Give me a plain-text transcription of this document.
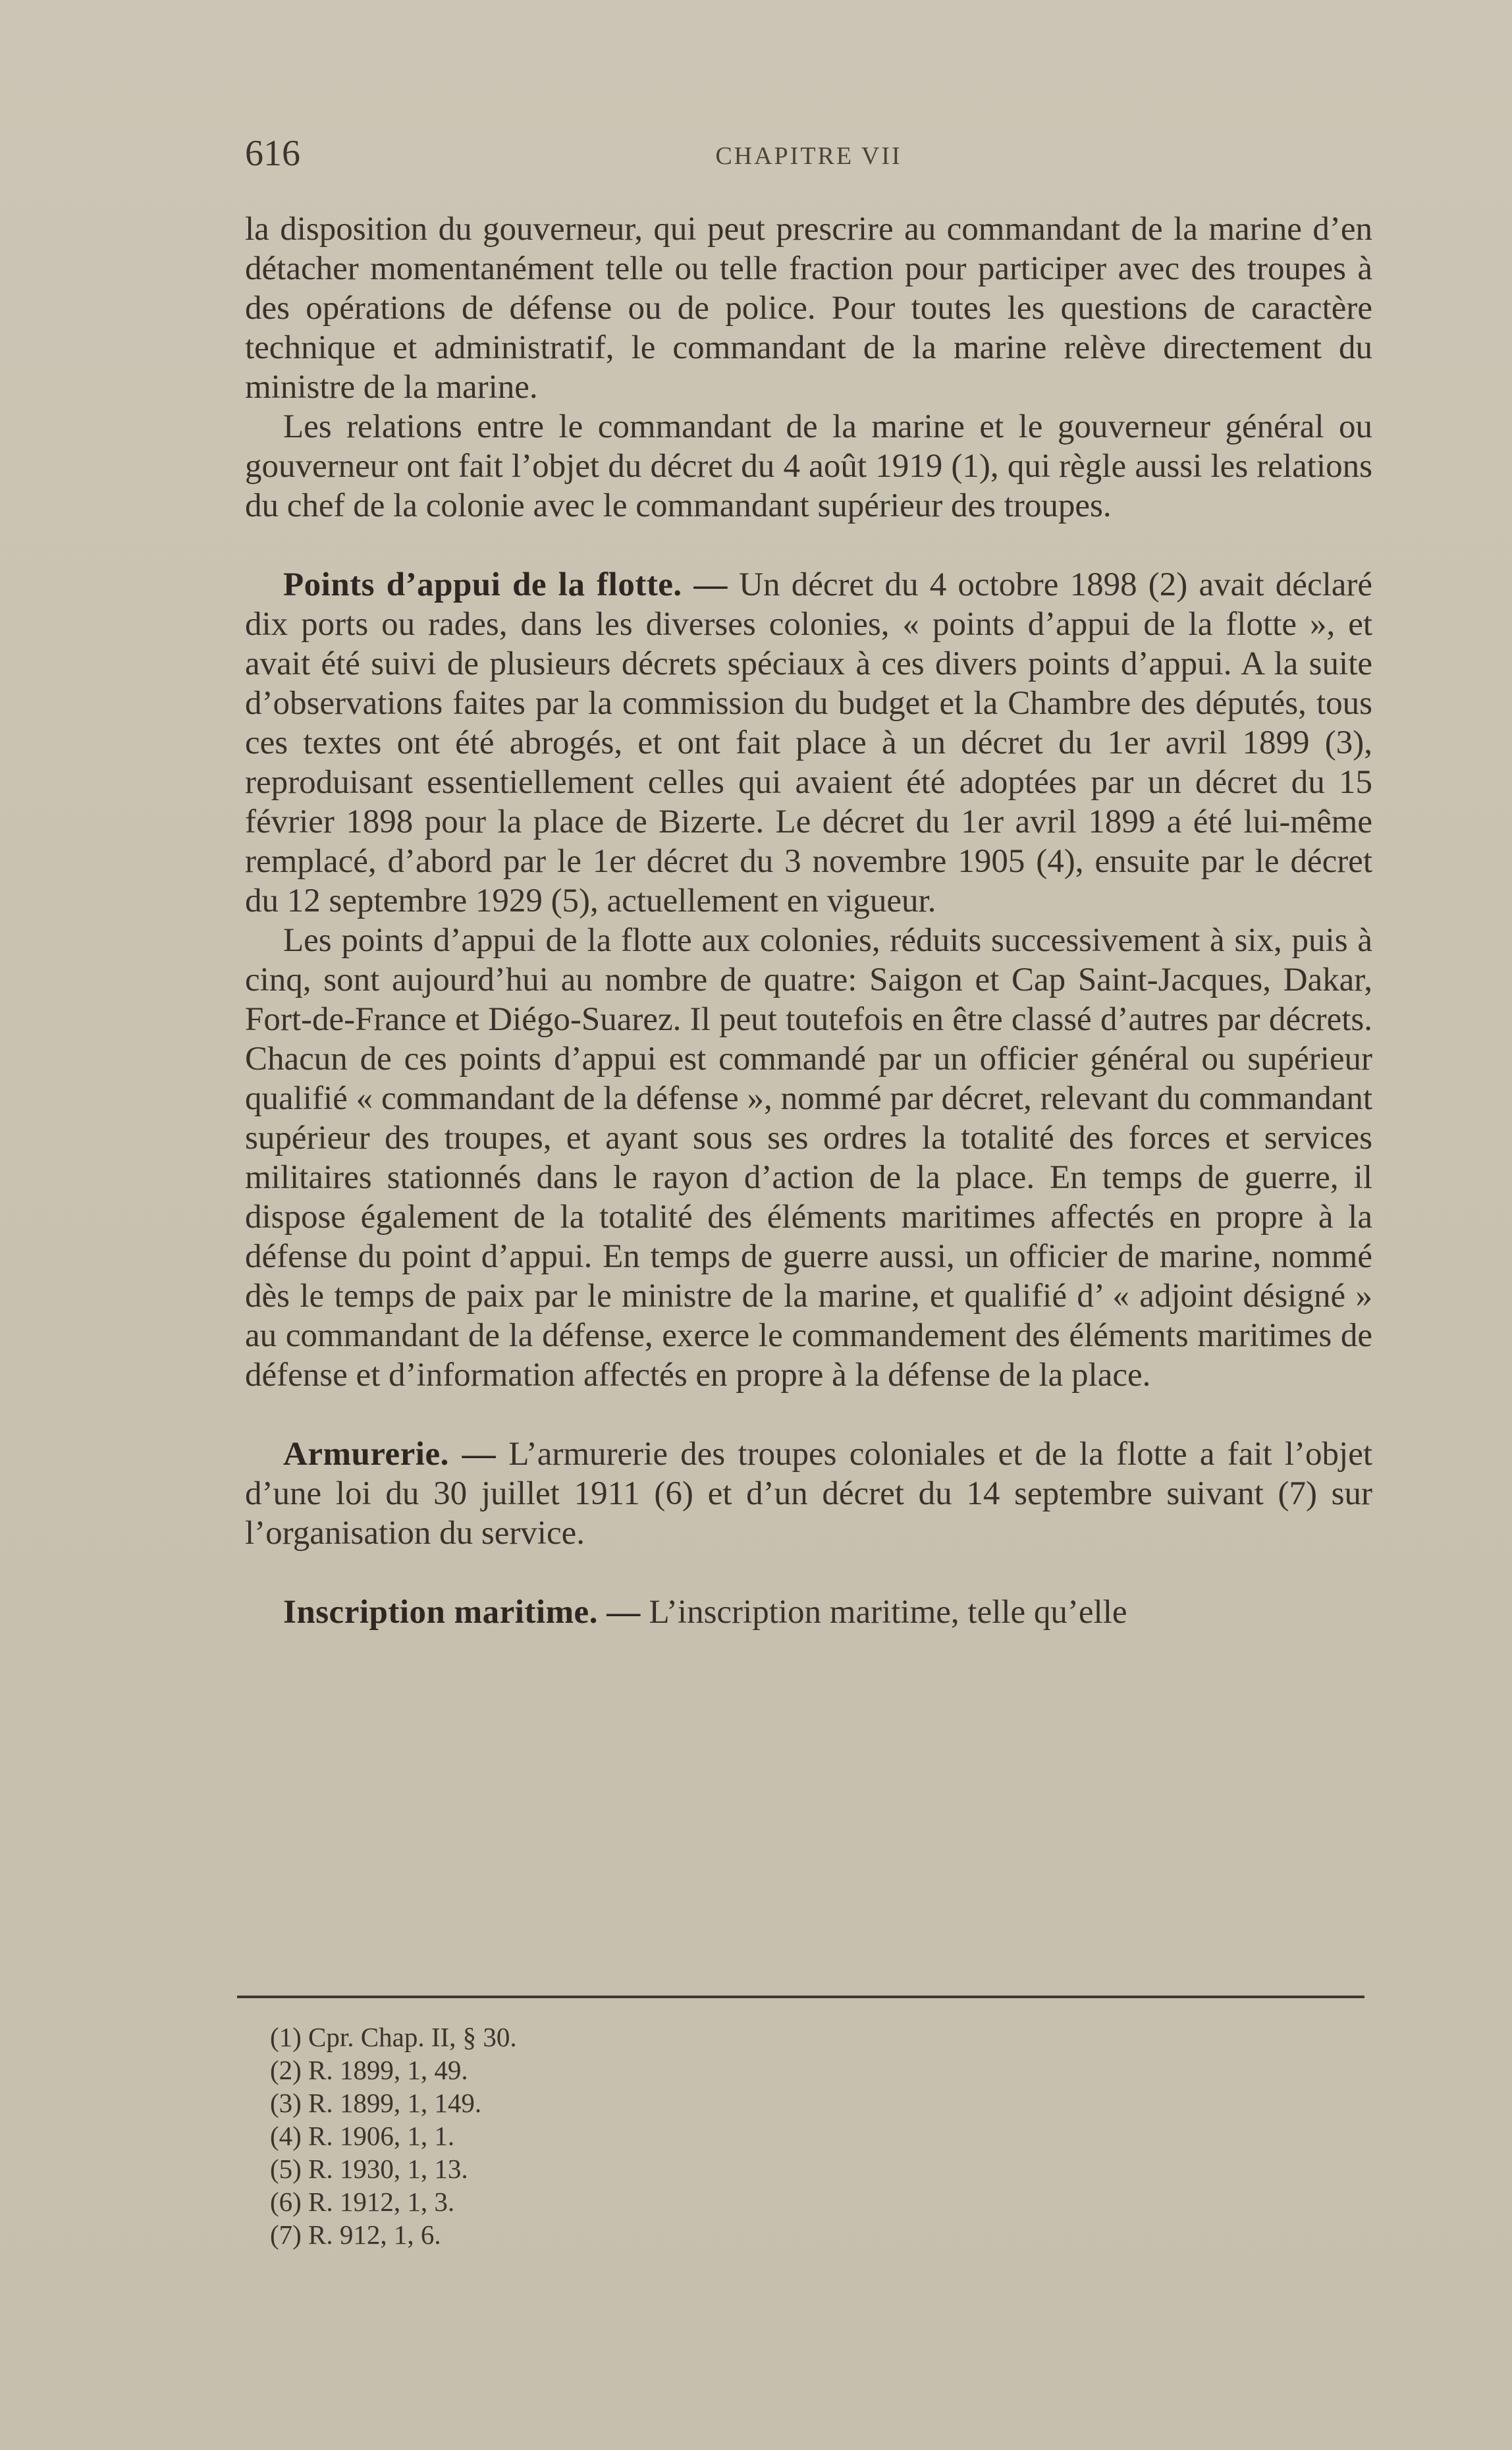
616	CHAPITRE VII

la disposition du gouverneur, qui peut prescrire au commandant de la marine d’en détacher momentanément telle ou telle fraction pour participer avec des troupes à des opérations de défense ou de police. Pour toutes les questions de caractère technique et administratif, le commandant de la marine relève directement du ministre de la marine.

Les relations entre le commandant de la marine et le gouverneur général ou gouverneur ont fait l’objet du décret du 4 août 1919 (1), qui règle aussi les relations du chef de la colonie avec le commandant supérieur des troupes.

Points d’appui de la flotte. — Un décret du 4 octobre 1898 (2) avait déclaré dix ports ou rades, dans les diverses colonies, « points d’appui de la flotte », et avait été suivi de plusieurs décrets spéciaux à ces divers points d’appui. A la suite d’observations faites par la commission du budget et la Chambre des députés, tous ces textes ont été abrogés, et ont fait place à un décret du 1er avril 1899 (3), reproduisant essentiellement celles qui avaient été adoptées par un décret du 15 février 1898 pour la place de Bizerte. Le décret du 1er avril 1899 a été lui-même remplacé, d’abord par le 1er décret du 3 novembre 1905 (4), ensuite par le décret du 12 septembre 1929 (5), actuellement en vigueur.

Les points d’appui de la flotte aux colonies, réduits successivement à six, puis à cinq, sont aujourd’hui au nombre de quatre: Saigon et Cap Saint-Jacques, Dakar, Fort-de-France et Diégo-Suarez. Il peut toutefois en être classé d’autres par décrets. Chacun de ces points d’appui est commandé par un officier général ou supérieur qualifié « commandant de la défense », nommé par décret, relevant du commandant supérieur des troupes, et ayant sous ses ordres la totalité des forces et services militaires stationnés dans le rayon d’action de la place. En temps de guerre, il dispose également de la totalité des éléments maritimes affectés en propre à la défense du point d’appui. En temps de guerre aussi, un officier de marine, nommé dès le temps de paix par le ministre de la marine, et qualifié d’ « adjoint désigné » au commandant de la défense, exerce le commandement des éléments maritimes de défense et d’information affectés en propre à la défense de la place.

Armurerie. — L’armurerie des troupes coloniales et de la flotte a fait l’objet d’une loi du 30 juillet 1911 (6) et d’un décret du 14 septembre suivant (7) sur l’organisation du service.

Inscription maritime. — L’inscription maritime, telle qu’elle

(1) Cpr. Chap. II, § 30.
(2) R. 1899, 1, 49.
(3) R. 1899, 1, 149.
(4) R. 1906, 1, 1.
(5) R. 1930, 1, 13.
(6) R. 1912, 1, 3.
(7) R. 912, 1, 6.
